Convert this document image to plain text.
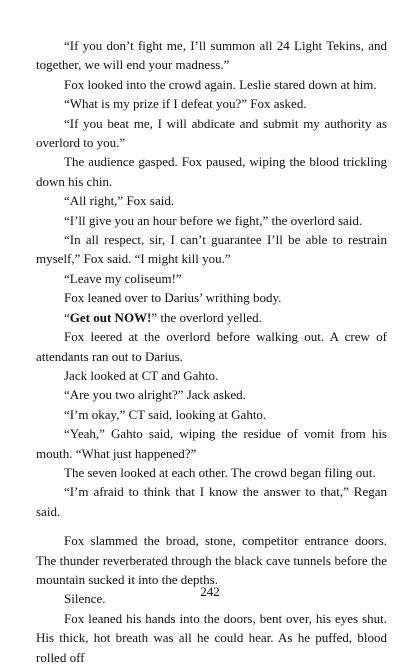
“If you don’t fight me, I’ll summon all 24 Light Tekins, and together, we will end your madness.”

Fox looked into the crowd again. Leslie stared down at him.

“What is my prize if I defeat you?” Fox asked.

“If you beat me, I will abdicate and submit my authority as overlord to you.”

The audience gasped. Fox paused, wiping the blood trickling down his chin.

“All right,” Fox said.

“I’ll give you an hour before we fight,” the overlord said.

“In all respect, sir, I can’t guarantee I’ll be able to restrain myself,” Fox said. “I might kill you.”

“Leave my coliseum!”

Fox leaned over to Darius’ writhing body.

“Get out NOW!” the overlord yelled.

Fox leered at the overlord before walking out. A crew of attendants ran out to Darius.

Jack looked at CT and Gahto.

“Are you two alright?” Jack asked.

“I’m okay,” CT said, looking at Gahto.

“Yeah,” Gahto said, wiping the residue of vomit from his mouth. “What just happened?”

The seven looked at each other. The crowd began filing out.

“I’m afraid to think that I know the answer to that,” Regan said.

Fox slammed the broad, stone, competitor entrance doors. The thunder reverberated through the black cave tunnels before the mountain sucked it into the depths.

Silence.

Fox leaned his hands into the doors, bent over, his eyes shut. His thick, hot breath was all he could hear. As he puffed, blood rolled off

242
